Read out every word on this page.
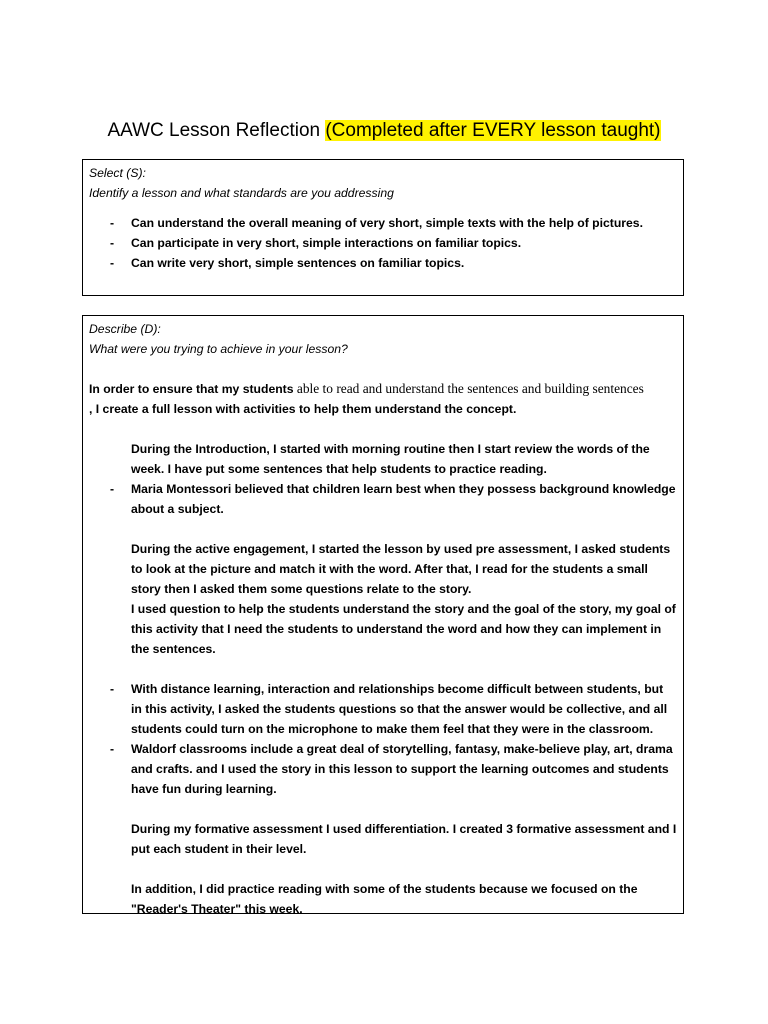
AAWC Lesson Reflection (Completed after EVERY lesson taught)
Select (S):
Identify a lesson and what standards are you addressing
- Can understand the overall meaning of very short, simple texts with the help of pictures.
- Can participate in very short, simple interactions on familiar topics.
- Can write very short, simple sentences on familiar topics.
Describe (D):
What were you trying to achieve in your lesson?
In order to ensure that my students able to read and understand the sentences and building sentences
, I create a full lesson with activities to help them understand the concept.
During the Introduction, I started with morning routine then I start review the words of the week. I have put some sentences that help students to practice reading.
- Maria Montessori believed that children learn best when they possess background knowledge about a subject.
During the active engagement, I started the lesson by used pre assessment, I asked students to look at the picture and match it with the word. After that, I read for the students a small story then I asked them some questions relate to the story.
I used question to help the students understand the story and the goal of the story, my goal of this activity that I need the students to understand the word and how they can implement in the sentences.
- With distance learning, interaction and relationships become difficult between students, but in this activity, I asked the students questions so that the answer would be collective, and all students could turn on the microphone to make them feel that they were in the classroom.
- Waldorf classrooms include a great deal of storytelling, fantasy, make-believe play, art, drama and crafts. and I used the story in this lesson to support the learning outcomes and students have fun during learning.
During my formative assessment I used differentiation. I created 3 formative assessment and I put each student in their level.
In addition, I did practice reading with some of the students because we focused on the "Reader's Theater" this week.
